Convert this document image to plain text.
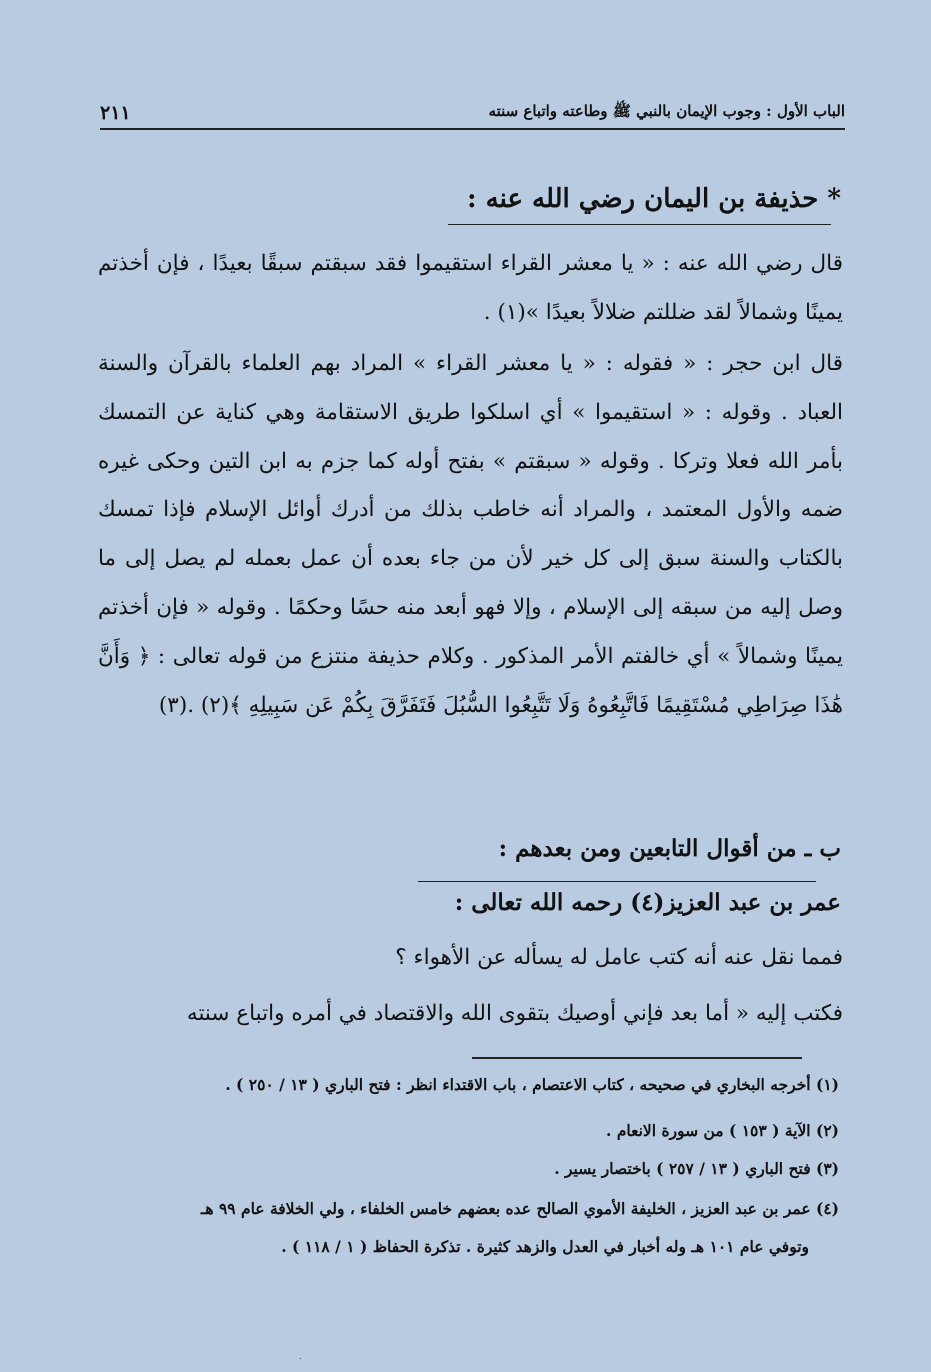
الباب الأول : وجوب الإيمان بالنبي ﷺ وطاعته واتباع سنته
٢١١
* حذيفة بن اليمان رضي الله عنه :
قال رضي الله عنه : « يا معشر القراء استقيموا فقد سبقتم سبقًا بعيدًا ، فإن أخذتم يمينًا وشمالاً لقد ضللتم ضلالاً بعيدًا »(١) .
قال ابن حجر : « فقوله : « يا معشر القراء » المراد بهم العلماء بالقرآن والسنة العباد . وقوله : « استقيموا » أي اسلكوا طريق الاستقامة وهي كناية عن التمسك بأمر الله فعلا وتركا . وقوله « سبقتم » بفتح أوله كما جزم به ابن التين وحكى غيره ضمه والأول المعتمد ، والمراد أنه خاطب بذلك من أدرك أوائل الإسلام فإذا تمسك بالكتاب والسنة سبق إلى كل خير لأن من جاء بعده أن عمل بعمله لم يصل إلى ما وصل إليه من سبقه إلى الإسلام ، وإلا فهو أبعد منه حسًا وحكمًا . وقوله « فإن أخذتم يمينًا وشمالاً » أي خالفتم الأمر المذكور . وكلام حذيفة منتزع من قوله تعالى : ﴿ وَأَنَّ هَٰذَا صِرَاطِي مُسْتَقِيمًا فَاتَّبِعُوهُ وَلَا تَتَّبِعُوا السُّبُلَ فَتَفَرَّقَ بِكُمْ عَن سَبِيلِهِ ﴾(٢) .(٣)
ب ـ من أقوال التابعين ومن بعدهم :
عمر بن عبد العزيز(٤) رحمه الله تعالى :
فمما نقل عنه أنه كتب عامل له يسأله عن الأهواء ؟
فكتب إليه « أما بعد فإني أوصيك بتقوى الله والاقتصاد في أمره واتباع سنته
(١) أخرجه البخاري في صحيحه ، كتاب الاعتصام ، باب الاقتداء انظر : فتح الباري ( ١٣ / ٢٥٠ ) .
(٢) الآية ( ١٥٣ ) من سورة الانعام .
(٣) فتح الباري ( ١٣ / ٢٥٧ ) باختصار يسير .
(٤) عمر بن عبد العزيز ، الخليفة الأموي الصالح عده بعضهم خامس الخلفاء ، ولي الخلافة عام ٩٩ هـ
وتوفي عام ١٠١ هـ وله أخبار في العدل والزهد كثيرة . تذكرة الحفاظ ( ١ / ١١٨ ) .
